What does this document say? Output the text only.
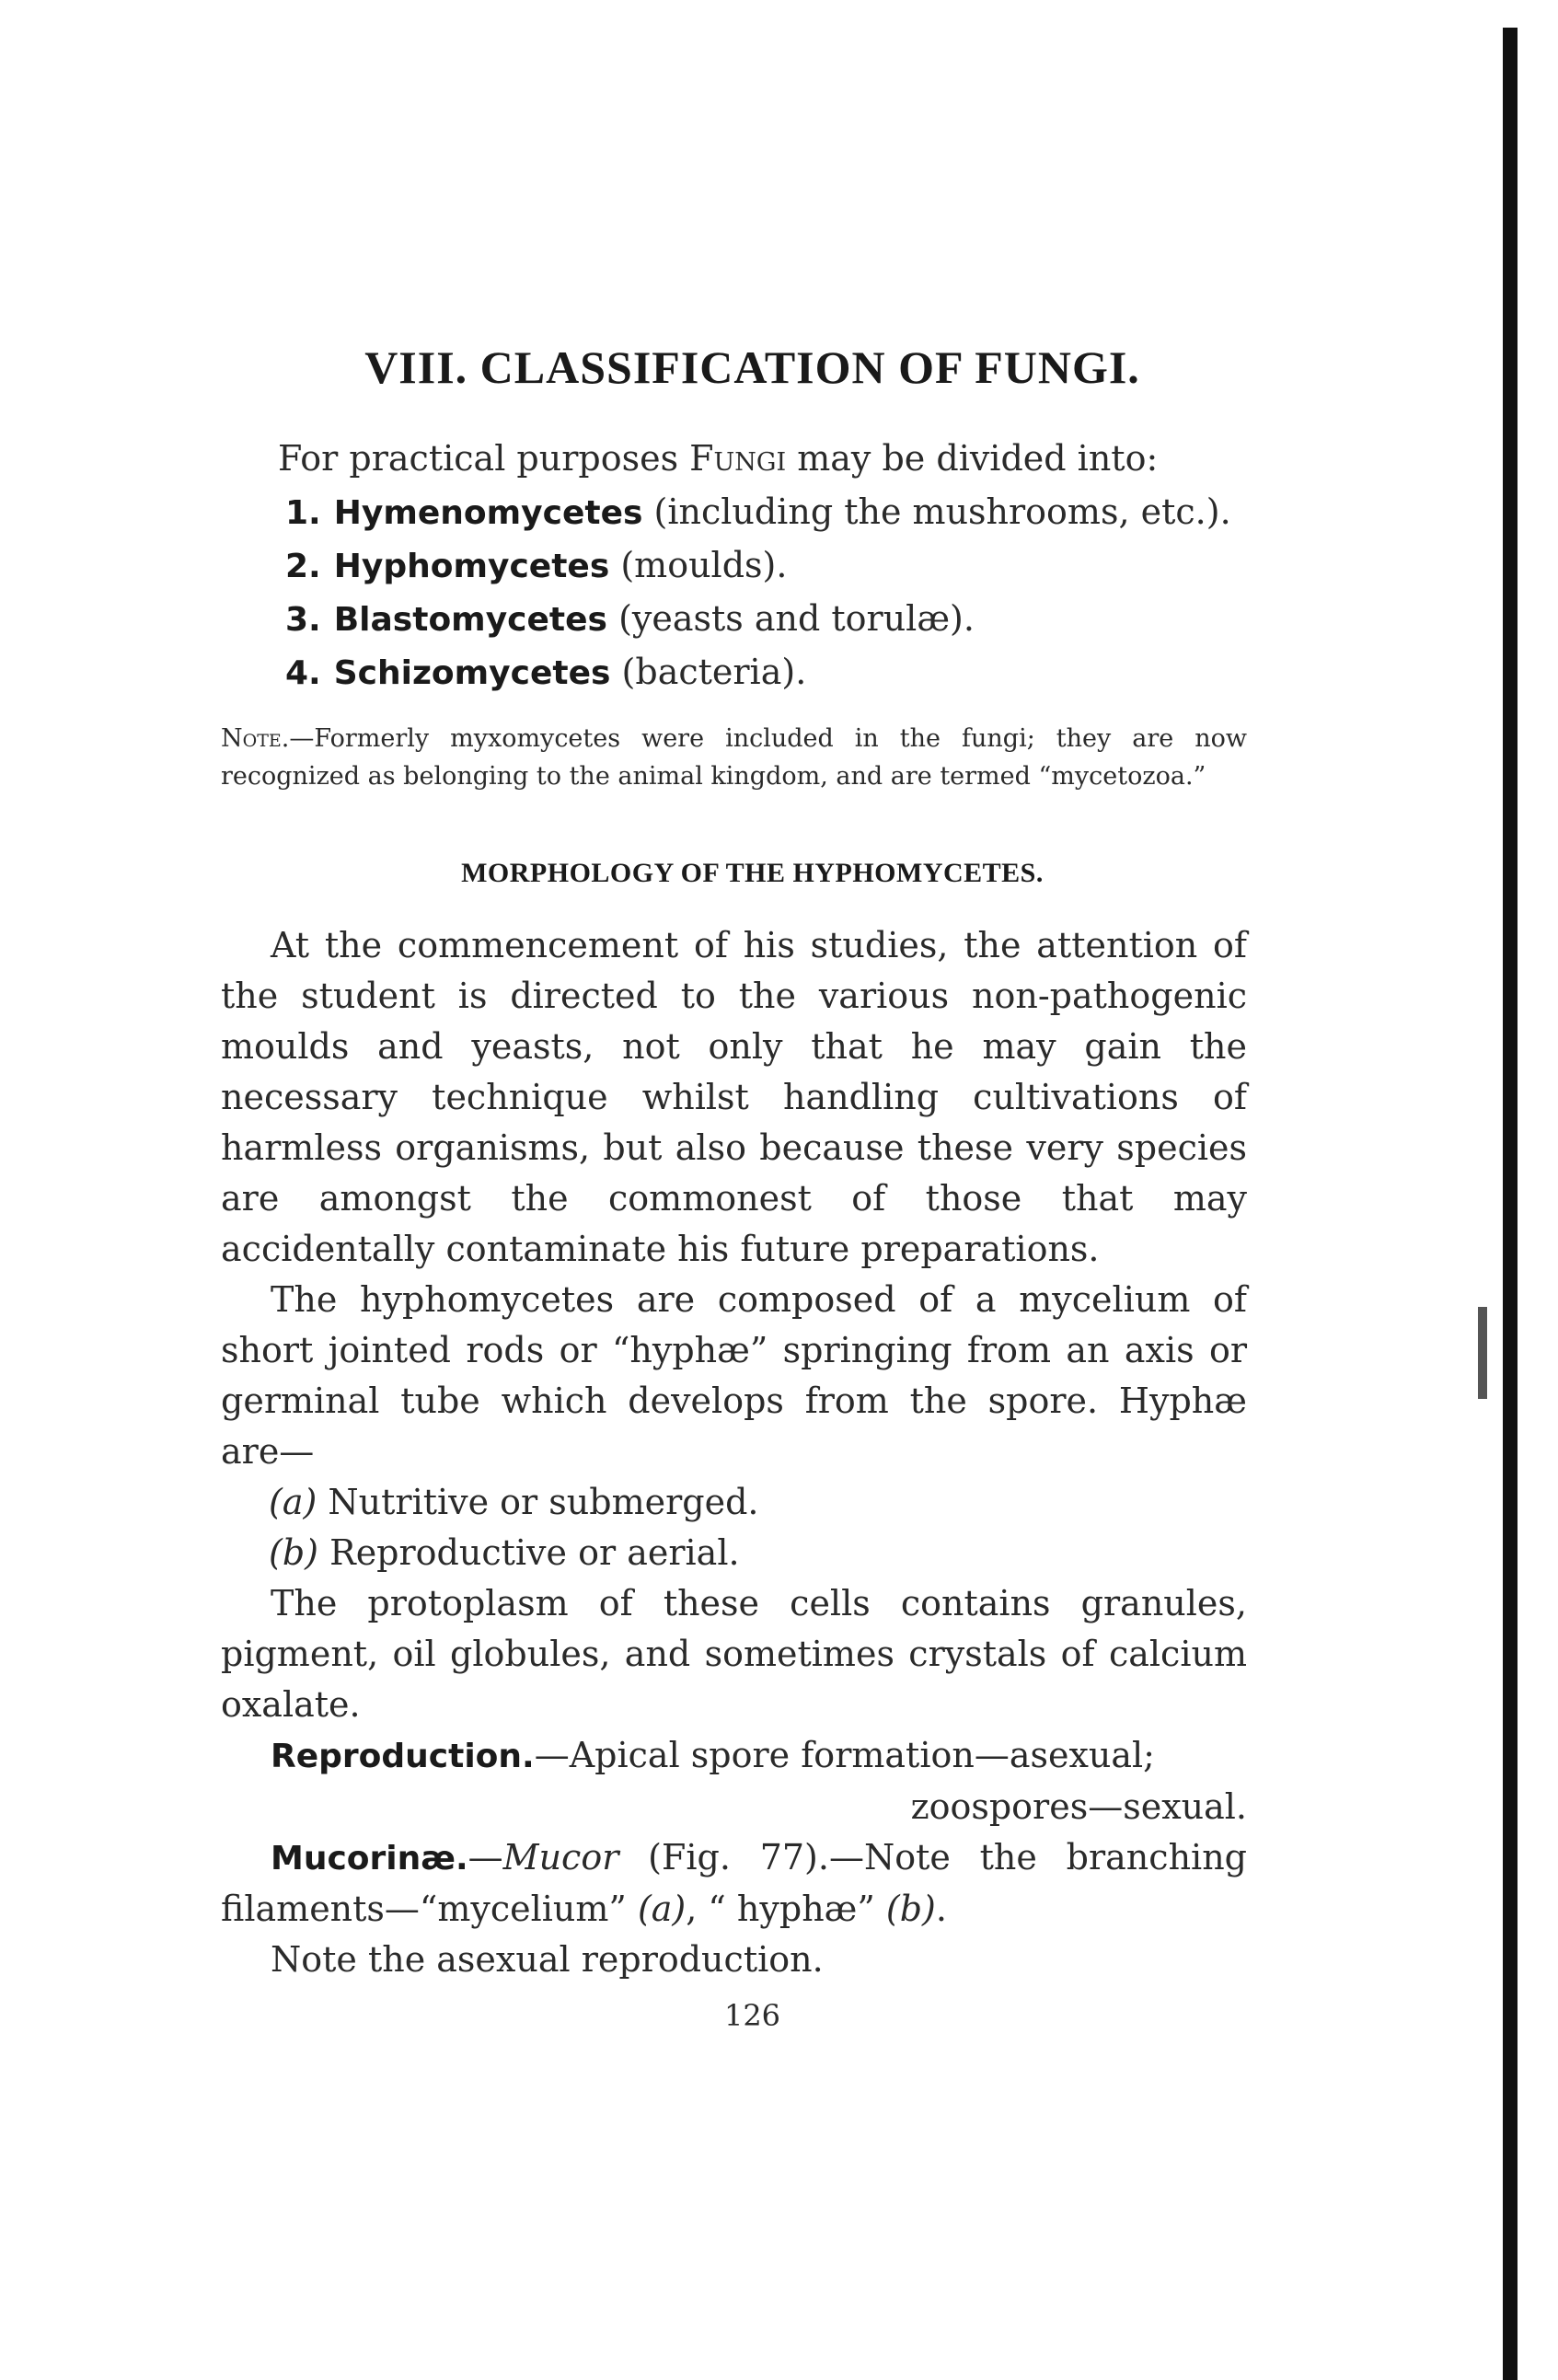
VIII. CLASSIFICATION OF FUNGI.

For practical purposes Fungi may be divided into:

1. Hymenomycetes (including the mushrooms, etc.).
2. Hyphomycetes (moulds).
3. Blastomycetes (yeasts and torulæ).
4. Schizomycetes (bacteria).

Note.—Formerly myxomycetes were included in the fungi; they are now recognized as belonging to the animal kingdom, and are termed “mycetozoa.”

MORPHOLOGY OF THE HYPHOMYCETES.

At the commencement of his studies, the attention of the student is directed to the various non-pathogenic moulds and yeasts, not only that he may gain the necessary technique whilst handling cultivations of harmless organisms, but also because these very species are amongst the commonest of those that may accidentally contaminate his future preparations.

The hyphomycetes are composed of a mycelium of short jointed rods or “hyphæ” springing from an axis or germinal tube which develops from the spore. Hyphæ are—

(a) Nutritive or submerged.

(b) Reproductive or aerial.

The protoplasm of these cells contains granules, pigment, oil globules, and sometimes crystals of calcium oxalate.

Reproduction.—Apical spore formation—asexual;

zoospores—sexual.

Mucorinæ.—Mucor (Fig. 77).—Note the branching filaments—“mycelium” (a), “ hyphæ” (b).

Note the asexual reproduction.

126
